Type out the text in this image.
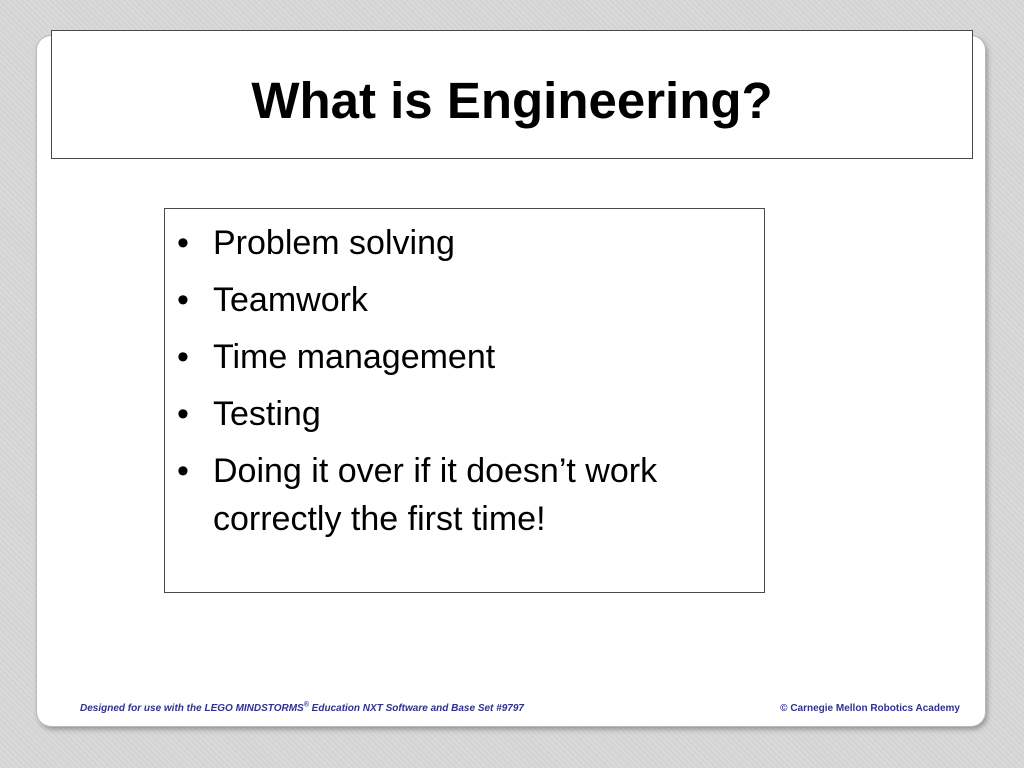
What is Engineering?
• Problem solving
• Teamwork
• Time management
• Testing
• Doing it over if it doesn’t work correctly the first time!
Designed for use with the LEGO MINDSTORMS® Education NXT Software and Base Set #9797	© Carnegie Mellon Robotics Academy
